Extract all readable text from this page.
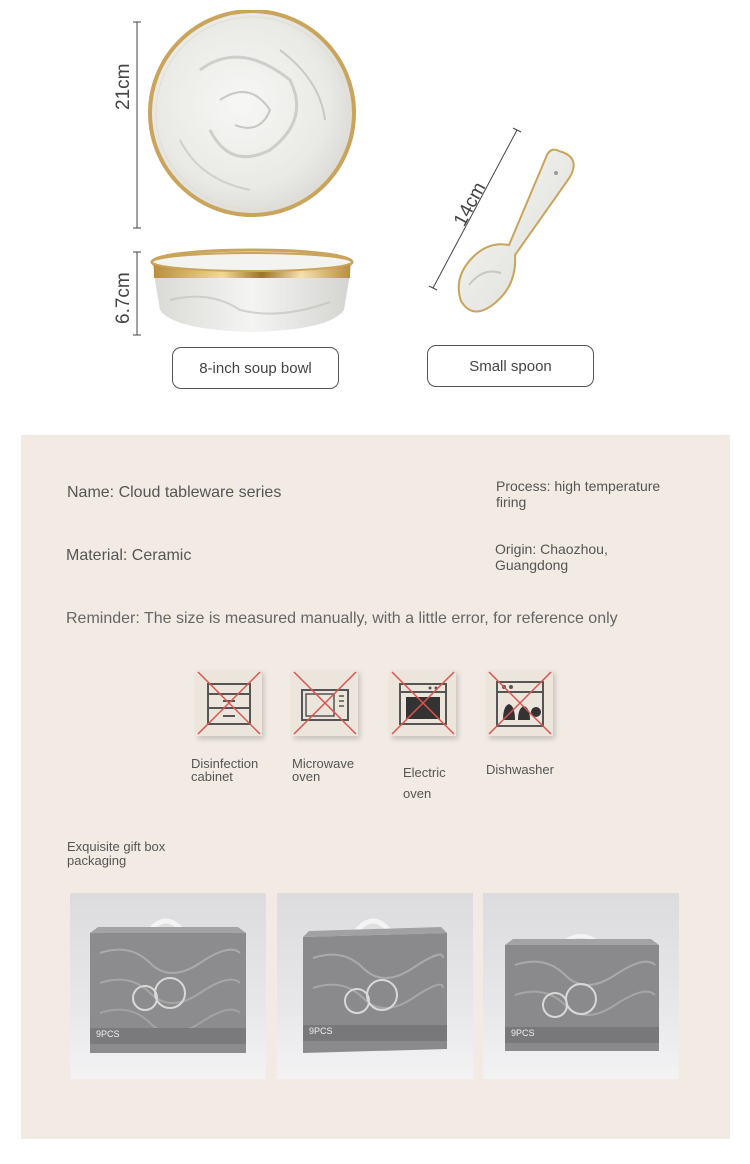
21cm
6.7cm
14cm
8-inch soup bowl	Small spoon
Name: Cloud tableware series
Material: Ceramic
Process: high temperature firing
Origin: Chaozhou, Guangdong
Reminder: The size is measured manually, with a little error, for reference only
Disinfection cabinet
Microwave oven	Electric oven
Dishwasher
Exquisite gift box packaging
9PCS	9PCS	9PCS
